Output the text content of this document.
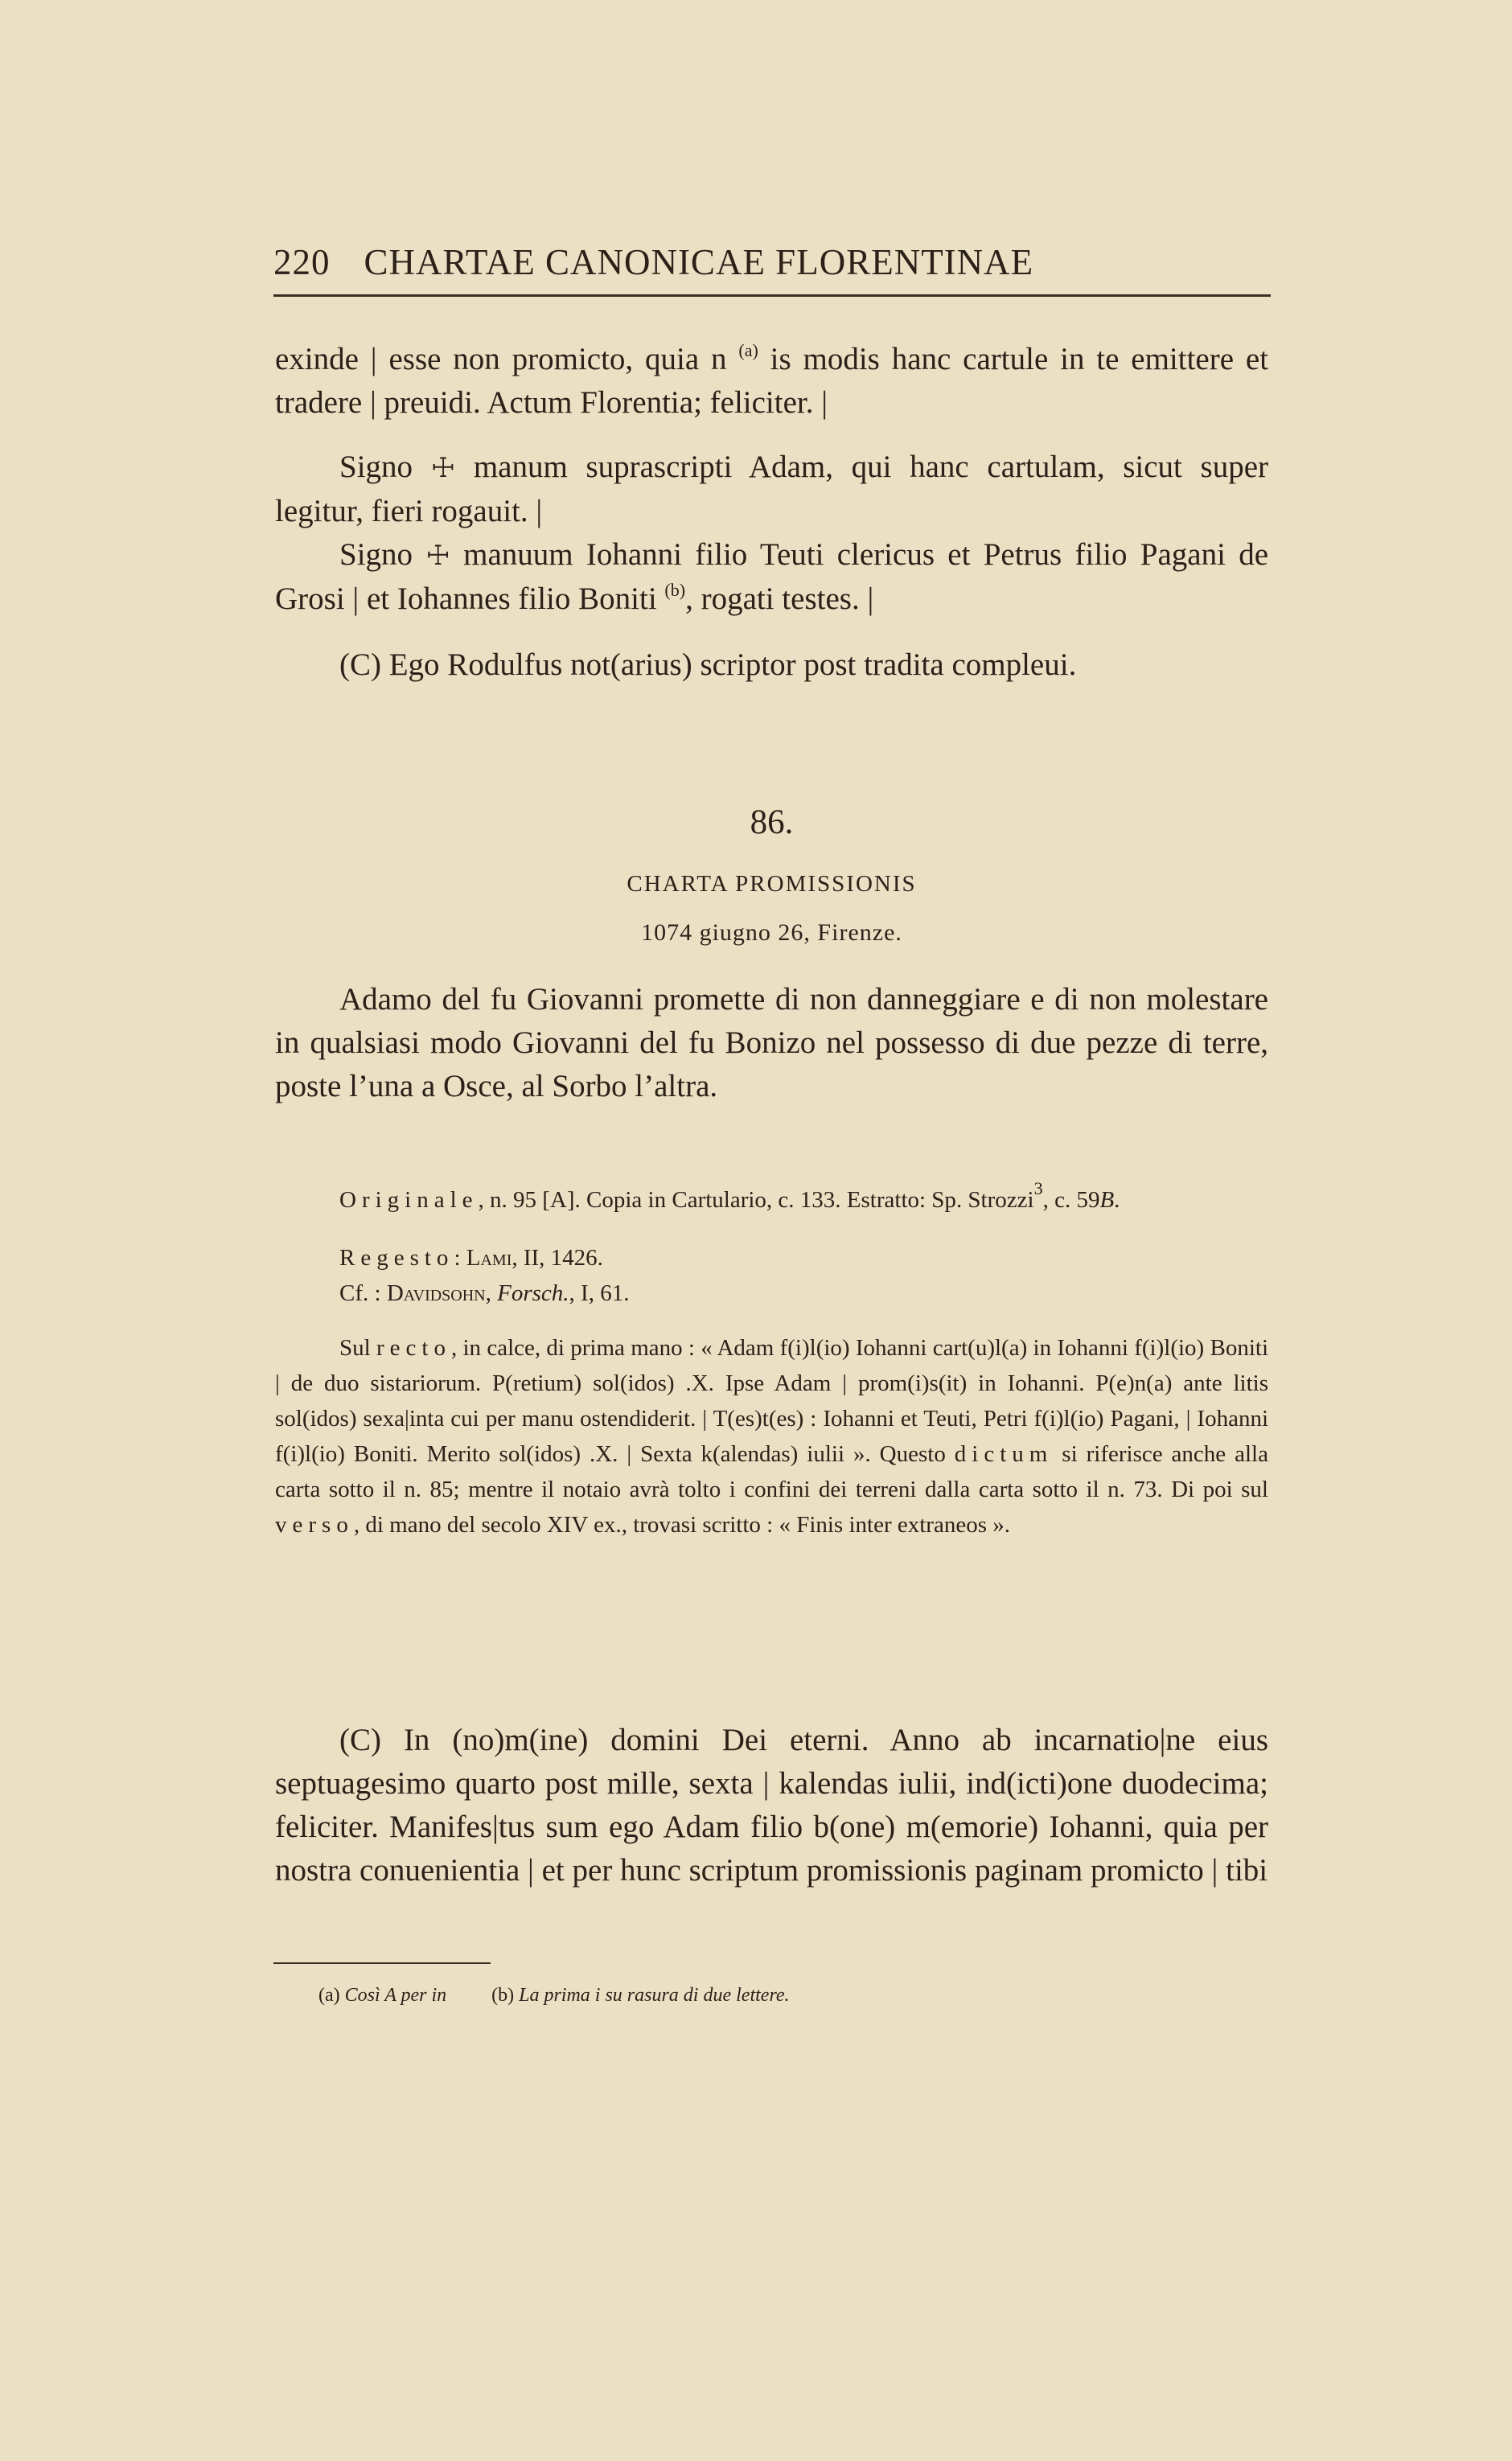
220 CHARTAE CANONICAE FLORENTINAE

exinde | esse non promicto, quia n $^{(a)}$ is modis hanc cartule in te emittere et tradere | preuidi. Actum Florentia; feliciter. |

Signo ☩ manum suprascripti Adam, qui hanc cartulam, sicut super legitur, fieri rogauit. |

Signo ☩ manuum Iohanni filio Teuti clericus et Petrus filio Pagani de Grosi | et Iohannes filio Boniti $^{(b)}$, rogati testes. |

(C) Ego Rodulfus not(arius) scriptor post tradita compleui.

86.
CHARTA PROMISSIONIS
1074 giugno 26, Firenze.

Adamo del fu Giovanni promette di non danneggiare e di non molestare in qualsiasi modo Giovanni del fu Bonizo nel possesso di due pezze di terre, poste l’una a Osce, al Sorbo l’altra.

Originale, n. 95 [A]. Copia in Cartulario, c. 133. Estratto: Sp. Strozzi$^3$, c. 59B.

Regesto: Lami, II, 1426.

Cf. : Davidsohn, Forsch., I, 61.

Sul recto, in calce, di prima mano : « Adam f(i)l(io) Iohanni cart(u)l(a) in Iohanni f(i)l(io) Boniti | de duo sistariorum. P(retium) sol(idos) .X. Ipse Adam | prom(i)s(it) in Iohanni. P(e)n(a) ante litis sol(idos) sexa|inta cui per manu ostendiderit. | T(es)t(es) : Iohanni et Teuti, Petri f(i)l(io) Pagani, | Iohanni f(i)l(io) Boniti. Merito sol(idos) .X. | Sexta k(alendas) iulii ». Questo dictum si riferisce anche alla carta sotto il n. 85; mentre il notaio avrà tolto i confini dei terreni dalla carta sotto il n. 73. Di poi sul verso, di mano del secolo XIV ex., trovasi scritto : « Finis inter extraneos ».

(C) In (no)m(ine) domini Dei eterni. Anno ab incarnatio|ne eius septuagesimo quarto post mille, sexta | kalendas iulii, ind(icti)one duodecima; feliciter. Manifes|tus sum ego Adam filio b(one) m(emorie) Iohanni, quia per nostra conuenientia | et per hunc scriptum promissionis paginam promicto | tibi

(a) Così A per in (b) La prima i su rasura di due lettere.
